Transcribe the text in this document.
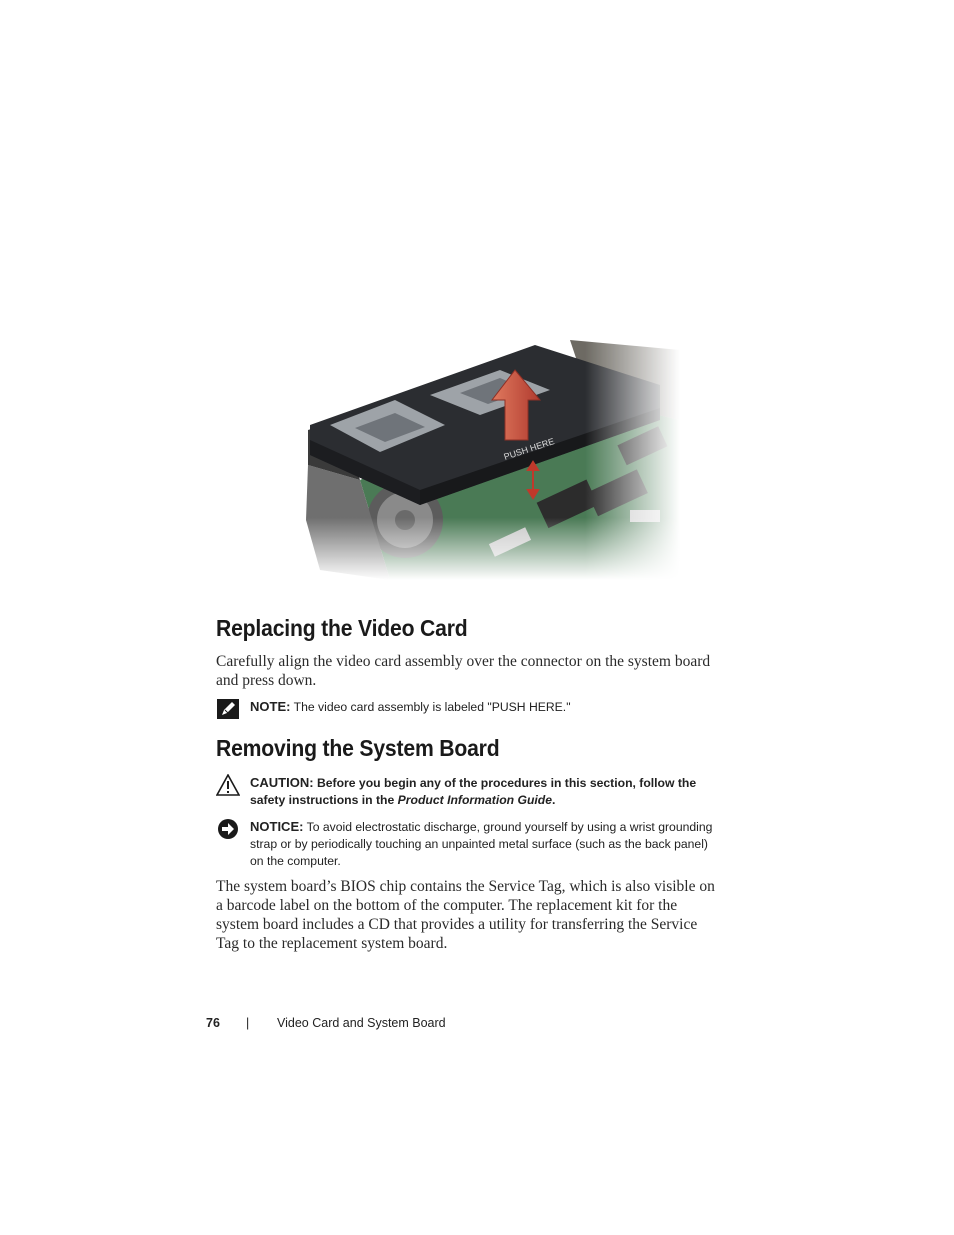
Replacing the Video Card

Carefully align the video card assembly over the connector on the system board and press down.

NOTE: The video card assembly is labeled "PUSH HERE."
Removing the System Board
CAUTION: Before you begin any of the procedures in this section, follow the safety instructions in the Product Information Guide.
NOTICE: To avoid electrostatic discharge, ground yourself by using a wrist grounding strap or by periodically touching an unpainted metal surface (such as the back panel) on the computer.

The system board’s BIOS chip contains the Service Tag, which is also visible on a barcode label on the bottom of the computer. The replacement kit for the system board includes a CD that provides a utility for transferring the Service Tag to the replacement system board.

76 | Video Card and System Board
